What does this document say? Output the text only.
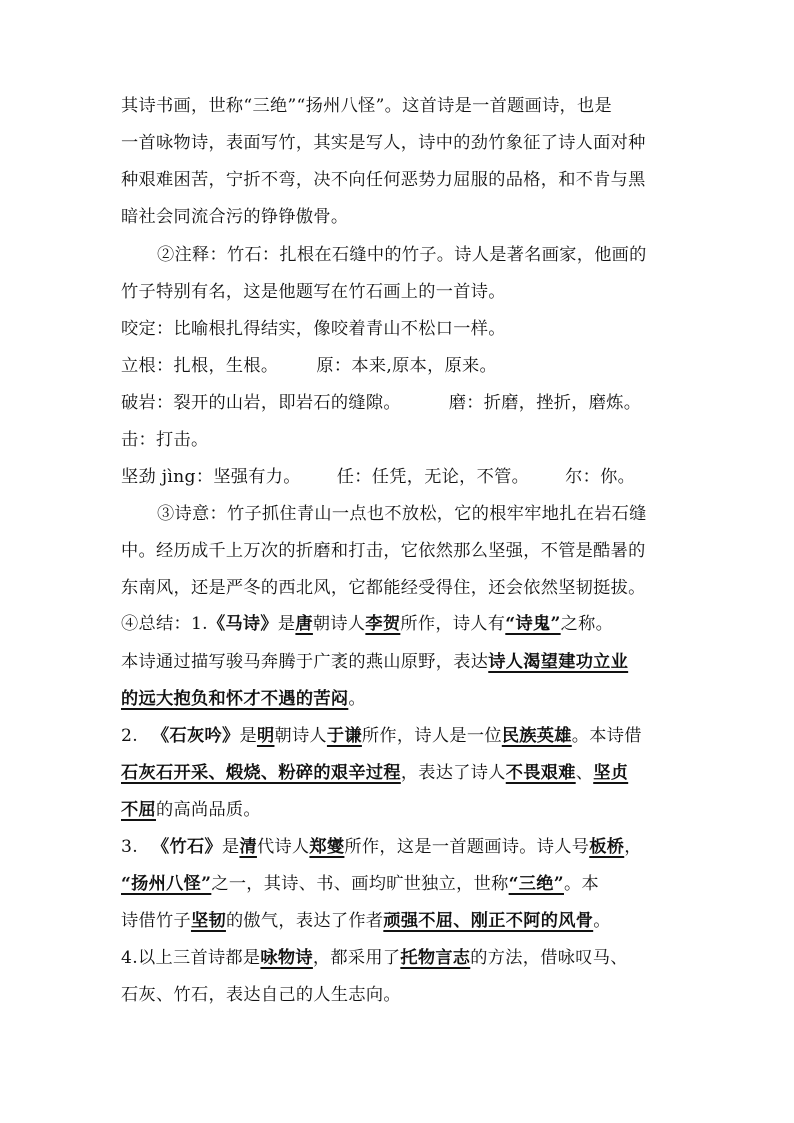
其诗书画，世称“三绝”“扬州八怪”。这首诗是一首题画诗，也是
一首咏物诗，表面写竹，其实是写人，诗中的劲竹象征了诗人面对种
种艰难困苦，宁折不弯，决不向任何恶势力屈服的品格，和不肯与黑
暗社会同流合污的铮铮傲骨。
②注释：竹石：扎根在石缝中的竹子。诗人是著名画家，他画的
竹子特别有名，这是他题写在竹石画上的一首诗。
咬定：比喻根扎得结实，像咬着青山不松口一样。
立根：扎根，生根。 原：本来,原本，原来。
破岩：裂开的山岩，即岩石的缝隙。	磨：折磨，挫折，磨炼。
击：打击。
坚劲 jìng：坚强有力。 任：任凭，无论，不管。 尔：你。
③诗意：竹子抓住青山一点也不放松，它的根牢牢地扎在岩石缝
中。经历成千上万次的折磨和打击，它依然那么坚强，不管是酷暑的
东南风，还是严冬的西北风，它都能经受得住，还会依然坚韧挺拔。
④总结：1.《马诗》是唐朝诗人李贺所作，诗人有“诗鬼”之称。
本诗通过描写骏马奔腾于广袤的燕山原野，表达诗人渴望建功立业
的远大抱负和怀才不遇的苦闷。
2. 《石灰吟》是明朝诗人于谦所作，诗人是一位民族英雄。本诗借
石灰石开采、煅烧、粉碎的艰辛过程，表达了诗人不畏艰难、坚贞
不屈的高尚品质。
3. 《竹石》是清代诗人郑燮所作，这是一首题画诗。诗人号板桥，
“扬州八怪”之一，其诗、书、画均旷世独立，世称“三绝”。本
诗借竹子坚韧的傲气，表达了作者顽强不屈、刚正不阿的风骨。
4.以上三首诗都是咏物诗，都采用了托物言志的方法，借咏叹马、
石灰、竹石，表达自己的人生志向。
